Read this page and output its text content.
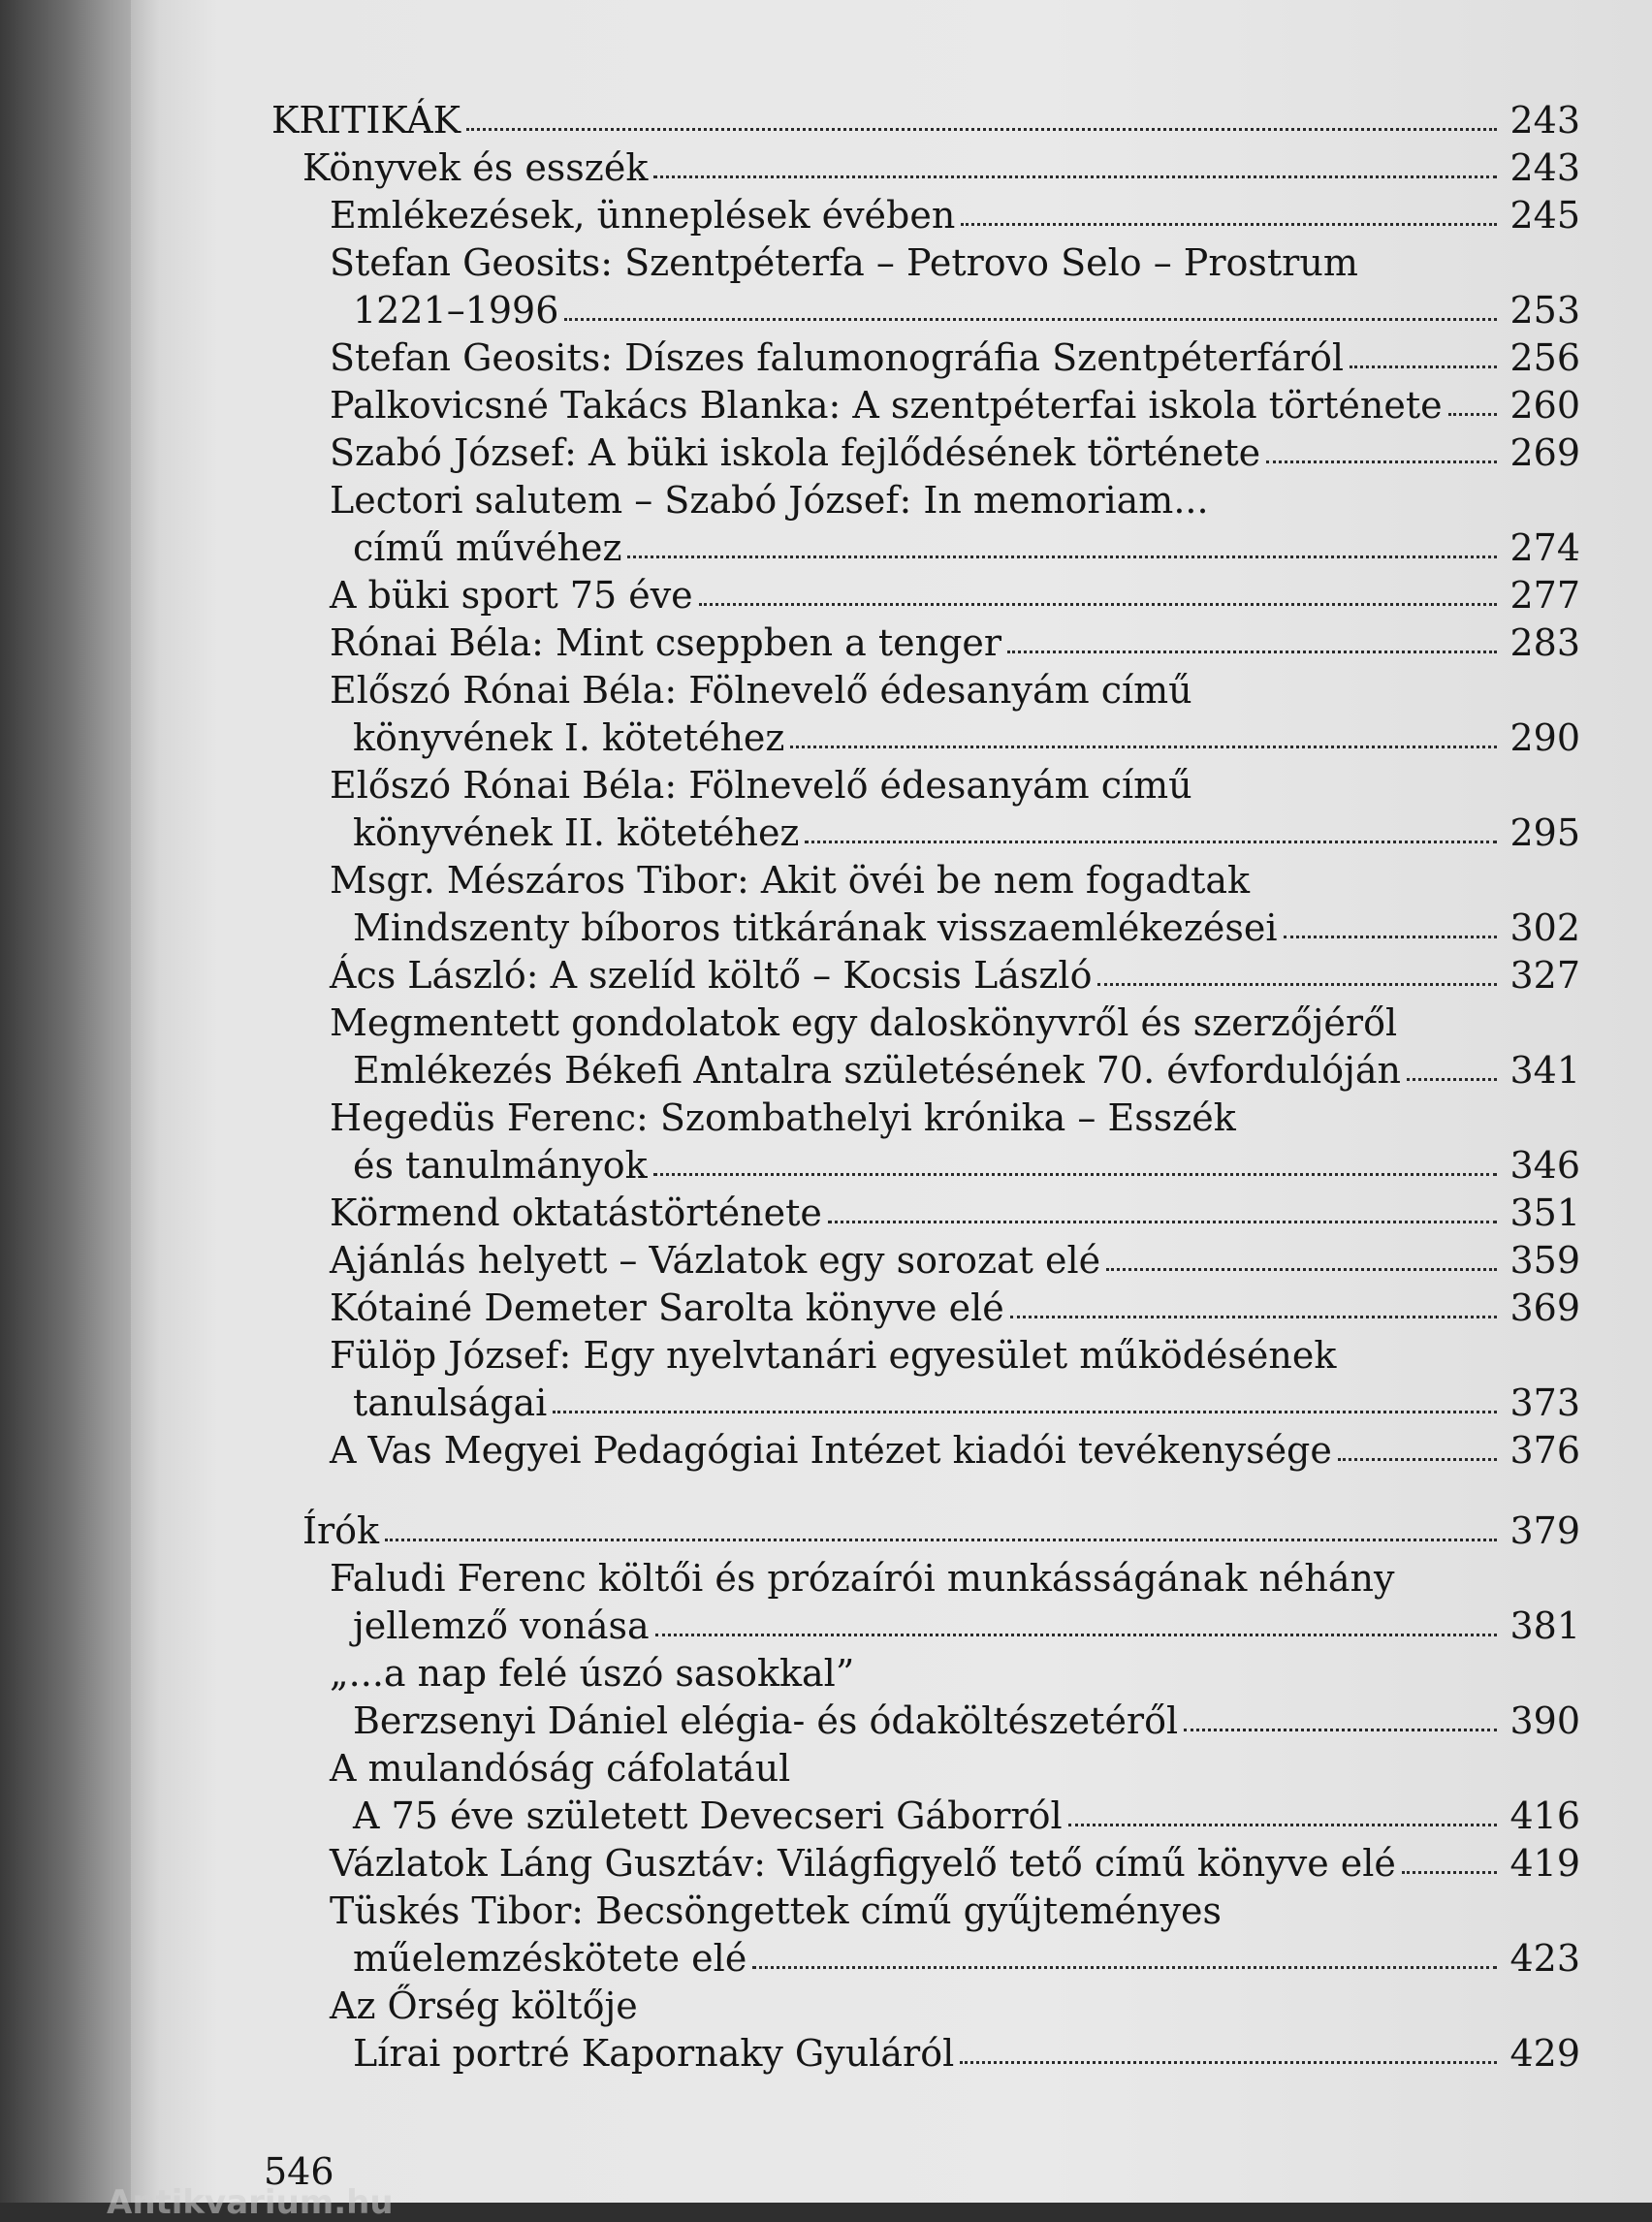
KRITIKÁK	243
Könyvek és esszék	243
Emlékezések, ünneplések évében	245
Stefan Geosits: Szentpéterfa – Petrovo Selo – Prostrum
1221–1996	253
Stefan Geosits: Díszes falumonográfia Szentpéterfáról	256
Palkovicsné Takács Blanka: A szentpéterfai iskola története 260
Szabó József: A büki iskola fejlődésének története	269
Lectori salutem – Szabó József: In memoriam...
című művéhez	274
A büki sport 75 éve	277
Rónai Béla: Mint cseppben a tenger	283
Előszó Rónai Béla: Fölnevelő édesanyám című
könyvének I. kötetéhez	290
Előszó Rónai Béla: Fölnevelő édesanyám című
könyvének II. kötetéhez	295
Msgr. Mészáros Tibor: Akit övéi be nem fogadtak
Mindszenty bíboros titkárának visszaemlékezései	302
Ács László: A szelíd költő – Kocsis László	327
Megmentett gondolatok egy daloskönyvről és szerzőjéről
Emlékezés Békefi Antalra születésének 70. évfordulóján	341
Hegedüs Ferenc: Szombathelyi krónika – Esszék
és tanulmányok	346
Körmend oktatástörténete	351
Ajánlás helyett – Vázlatok egy sorozat elé	359
Kótainé Demeter Sarolta könyve elé	369
Fülöp József: Egy nyelvtanári egyesület működésének
tanulságai	373
A Vas Megyei Pedagógiai Intézet kiadói tevékenysége	376
Írók	379
Faludi Ferenc költői és prózaírói munkásságának néhány
jellemző vonása	381
„...a nap felé úszó sasokkal”
Berzsenyi Dániel elégia- és ódaköltészetéről	390
A mulandóság cáfolatául
A 75 éve született Devecseri Gáborról	416
Vázlatok Láng Gusztáv: Világfigyelő tető című könyve elé	419
Tüskés Tibor: Becsöngettek című gyűjteményes
műelemzéskötete elé	423
Az Őrség költője
Lírai portré Kapornaky Gyuláról	429
546
Antikvarium.hu
